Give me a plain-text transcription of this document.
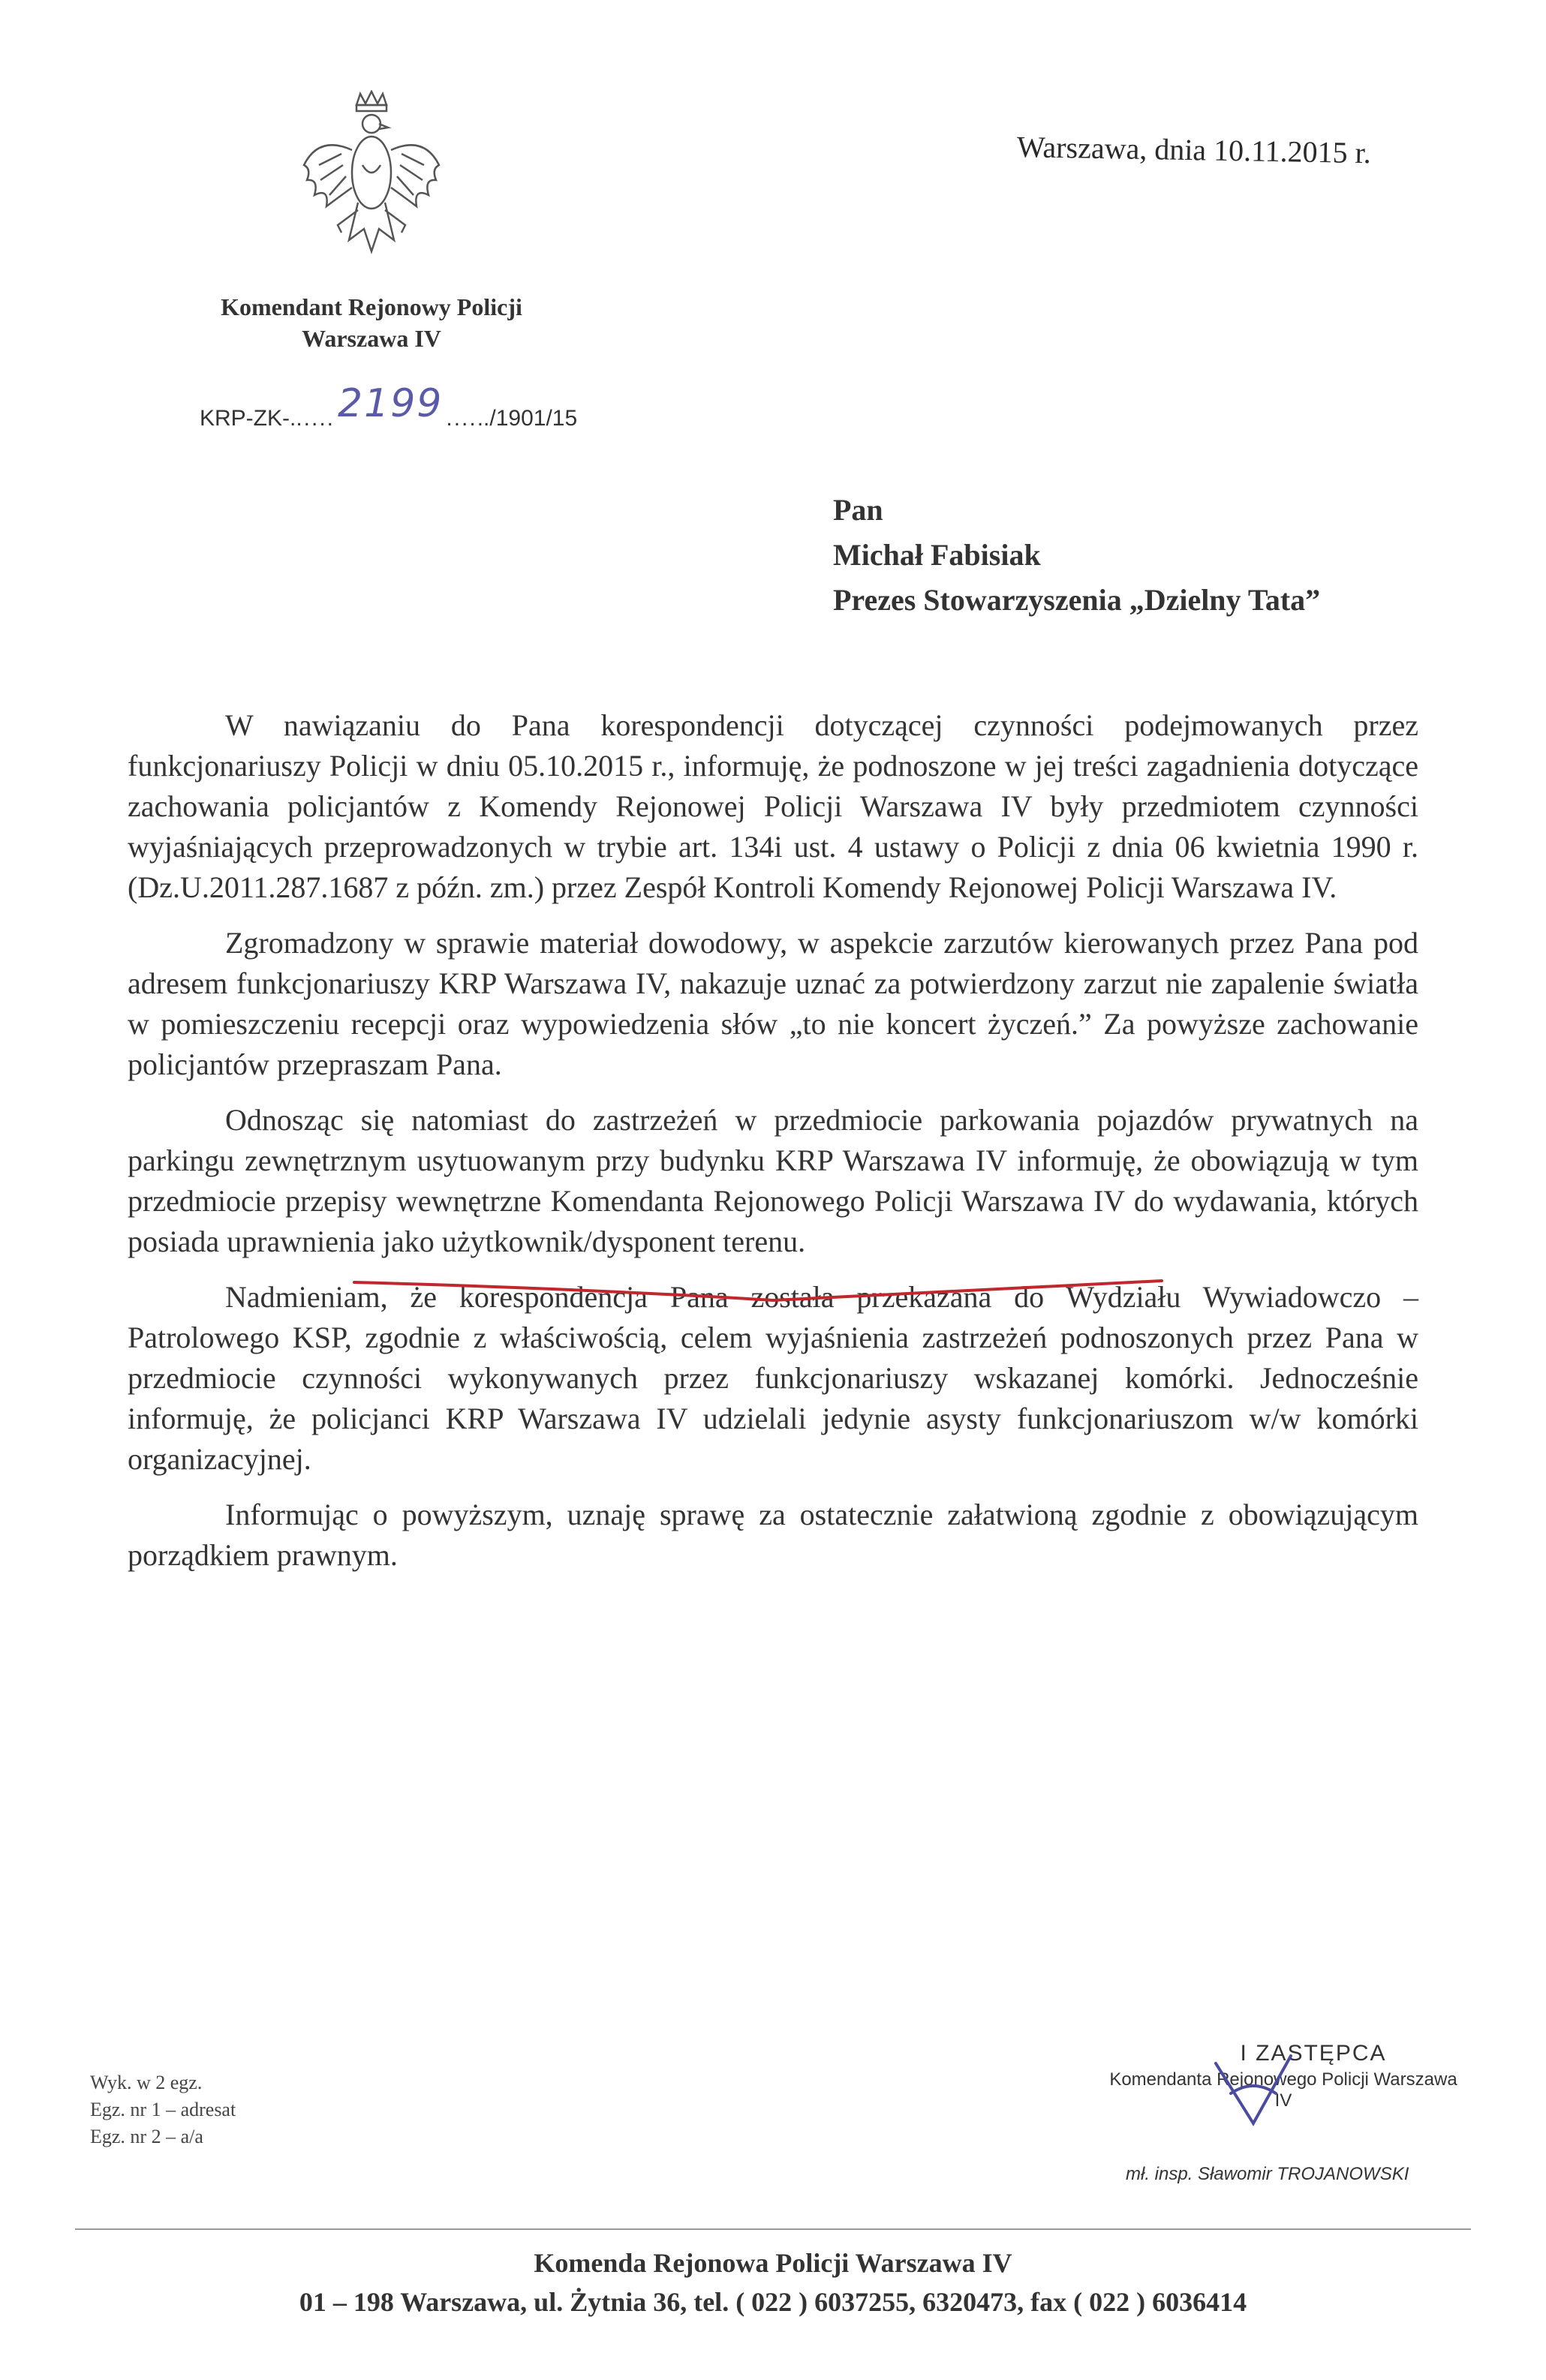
Komendant Rejonowy Policji
Warszawa IV
KRP-ZK-......2199 ....../1901/15
Warszawa, dnia 10.11.2015 r.
Pan
Michał Fabisiak
Prezes Stowarzyszenia „Dzielny Tata”

W nawiązaniu do Pana korespondencji dotyczącej czynności podejmowanych przez funkcjonariuszy Policji w dniu 05.10.2015 r., informuję, że podnoszone w jej treści zagadnienia dotyczące zachowania policjantów z Komendy Rejonowej Policji Warszawa IV były przedmiotem czynności wyjaśniających przeprowadzonych w trybie art. 134i ust. 4 ustawy o Policji z dnia 06 kwietnia 1990 r. (Dz.U.2011.287.1687 z późn. zm.) przez Zespół Kontroli Komendy Rejonowej Policji Warszawa IV.

Zgromadzony w sprawie materiał dowodowy, w aspekcie zarzutów kierowanych przez Pana pod adresem funkcjonariuszy KRP Warszawa IV, nakazuje uznać za potwierdzony zarzut nie zapalenie światła w pomieszczeniu recepcji oraz wypowiedzenia słów „to nie koncert życzeń.” Za powyższe zachowanie policjantów przepraszam Pana.

Odnosząc się natomiast do zastrzeżeń w przedmiocie parkowania pojazdów prywatnych na parkingu zewnętrznym usytuowanym przy budynku KRP Warszawa IV informuję, że obowiązują w tym przedmiocie przepisy wewnętrzne Komendanta Rejonowego Policji Warszawa IV do wydawania, których posiada uprawnienia jako użytkownik/dysponent terenu.

Nadmieniam, że korespondencja Pana została przekazana do Wydziału Wywiadowczo – Patrolowego KSP, zgodnie z właściwością, celem wyjaśnienia zastrzeżeń podnoszonych przez Pana w przedmiocie czynności wykonywanych przez funkcjonariuszy wskazanej komórki. Jednocześnie informuję, że policjanci KRP Warszawa IV udzielali jedynie asysty funkcjonariuszom w/w komórki organizacyjnej.

Informując o powyższym, uznaję sprawę za ostatecznie załatwioną zgodnie z obowiązującym porządkiem prawnym.

Wyk. w 2 egz.
Egz. nr 1 – adresat
Egz. nr 2 – a/a
I ZASTĘPCA
Komendanta Rejonowego Policji Warszawa IV
mł. insp. Sławomir TROJANOWSKI
Komenda Rejonowa Policji Warszawa IV
01 – 198 Warszawa, ul. Żytnia 36, tel. ( 022 ) 6037255, 6320473, fax ( 022 ) 6036414
